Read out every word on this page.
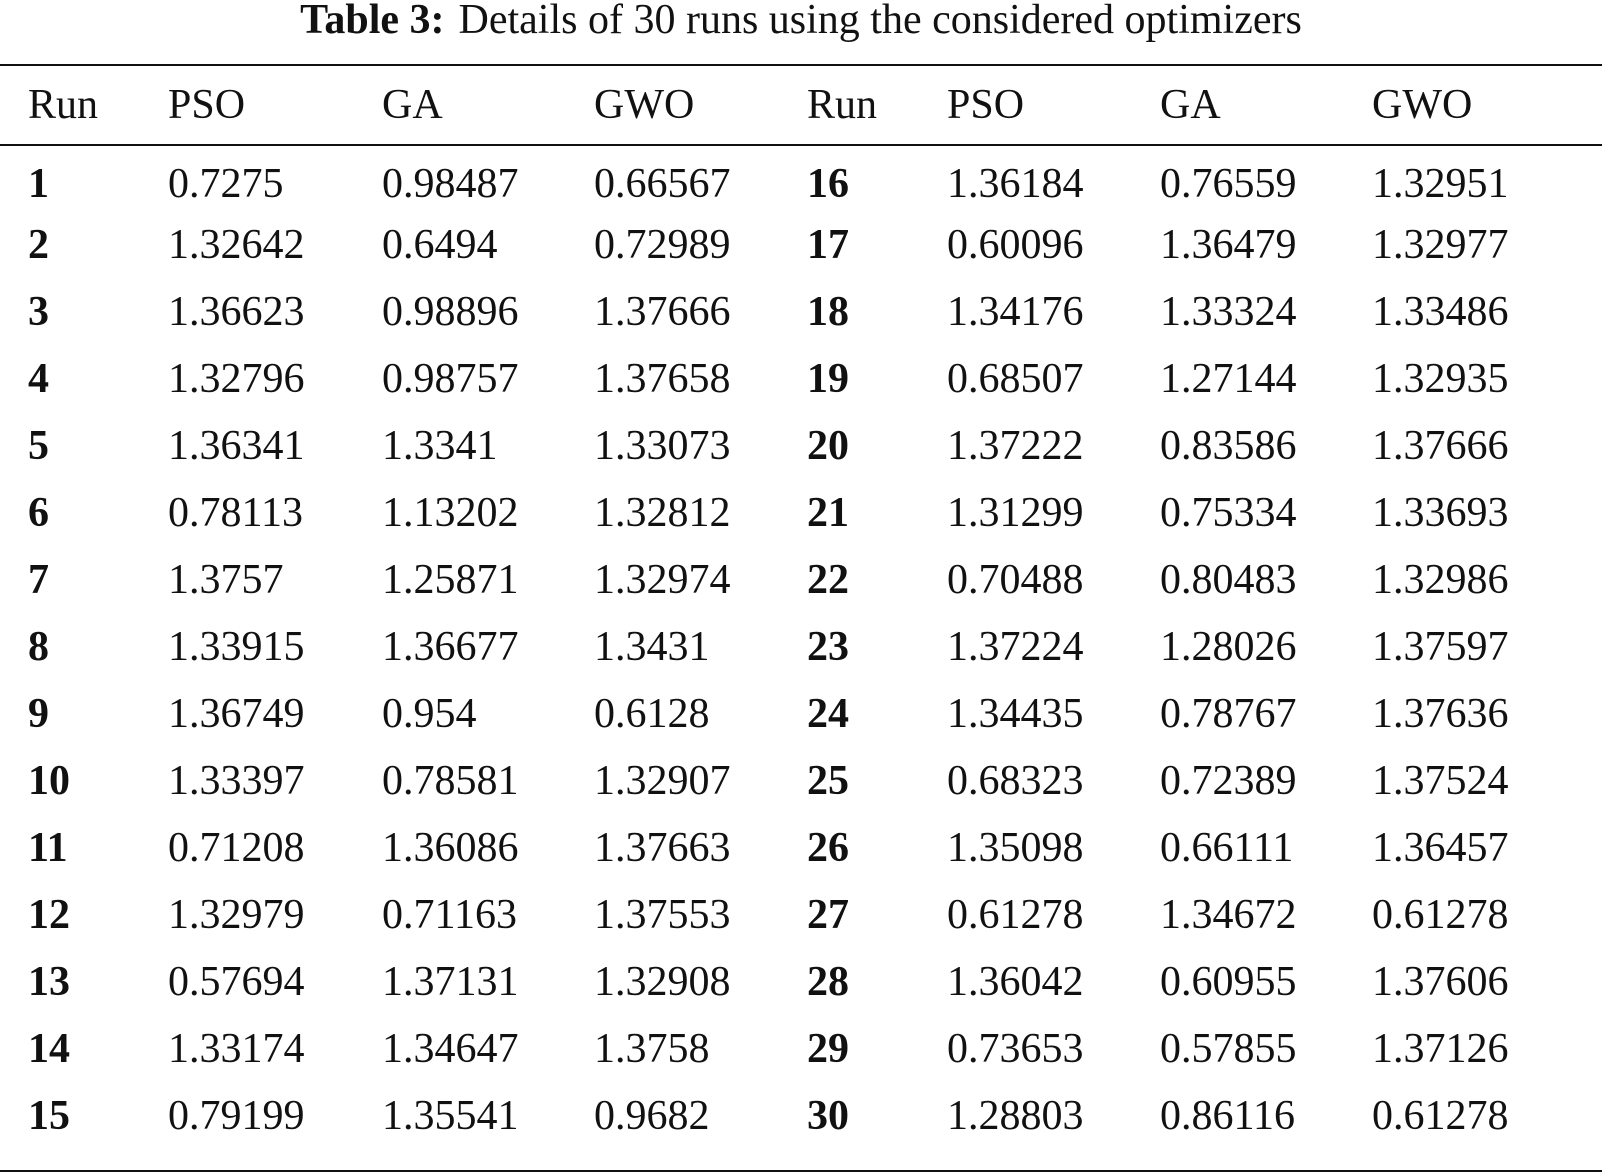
Table 3: Details of 30 runs using the considered optimizers
Run	PSO	GA	GWO	Run	PSO	GA	GWO
1	0.7275	0.98487	0.66567	16	1.36184	0.76559	1.32951
2	1.32642	0.6494	0.72989	17	0.60096	1.36479	1.32977
3	1.36623	0.98896	1.37666	18	1.34176	1.33324	1.33486
4	1.32796	0.98757	1.37658	19	0.68507	1.27144	1.32935
5	1.36341	1.3341	1.33073	20	1.37222	0.83586	1.37666
6	0.78113	1.13202	1.32812	21	1.31299	0.75334	1.33693
7	1.3757	1.25871	1.32974	22	0.70488	0.80483	1.32986
8	1.33915	1.36677	1.3431	23	1.37224	1.28026	1.37597
9	1.36749	0.954	0.6128	24	1.34435	0.78767	1.37636
10	1.33397	0.78581	1.32907	25	0.68323	0.72389	1.37524
11	0.71208	1.36086	1.37663	26	1.35098	0.66111	1.36457
12	1.32979	0.71163	1.37553	27	0.61278	1.34672	0.61278
13	0.57694	1.37131	1.32908	28	1.36042	0.60955	1.37606
14	1.33174	1.34647	1.3758	29	0.73653	0.57855	1.37126
15	0.79199	1.35541	0.9682	30	1.28803	0.86116	0.61278
